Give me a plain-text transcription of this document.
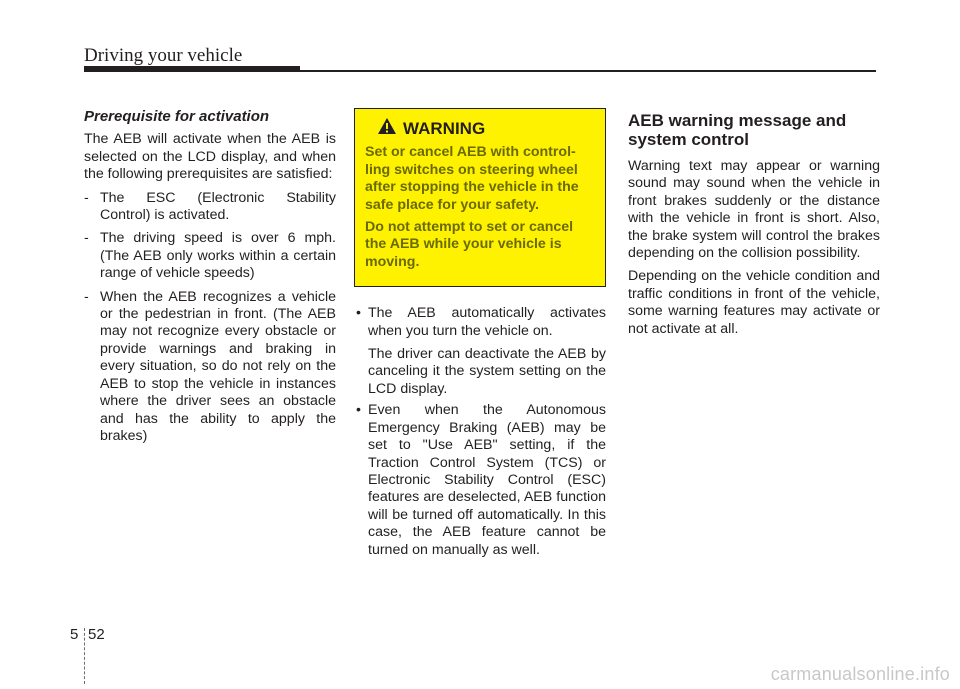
Driving your vehicle
Prerequisite for activation

The AEB will activate when the AEB is selected on the LCD display, and when the following prerequisites are satisfied:

- The ESC (Electronic Stability Control) is activated.
- The driving speed is over 6 mph. (The AEB only works within a certain range of vehicle speeds)
- When the AEB recognizes a vehicle or the pedestrian in front. (The AEB may not recognize every obstacle or provide warnings and braking in every situation, so do not rely on the AEB to stop the vehicle in instances where the driver sees an obstacle and has the ability to apply the brakes)
WARNING

Set or cancel AEB with control-ling switches on steering wheel after stopping the vehicle in the safe place for your safety.

Do not attempt to set or cancel the AEB while your vehicle is moving.

• The AEB automatically activates when you turn the vehicle on.
The driver can deactivate the AEB by canceling it the system setting on the LCD display.
• Even when the Autonomous Emergency Braking (AEB) may be set to "Use AEB" setting, if the Traction Control System (TCS) or Electronic Stability Control (ESC) features are deselected, AEB function will be turned off automatically. In this case, the AEB feature cannot be turned on manually as well.
AEB warning message and system control

Warning text may appear or warning sound may sound when the vehicle in front brakes suddenly or the distance with the vehicle in front is short. Also, the brake system will control the brakes depending on the collision possibility.

Depending on the vehicle condition and traffic conditions in front of the vehicle, some warning features may activate or not activate at all.

5 52
carmanualsonline.info
